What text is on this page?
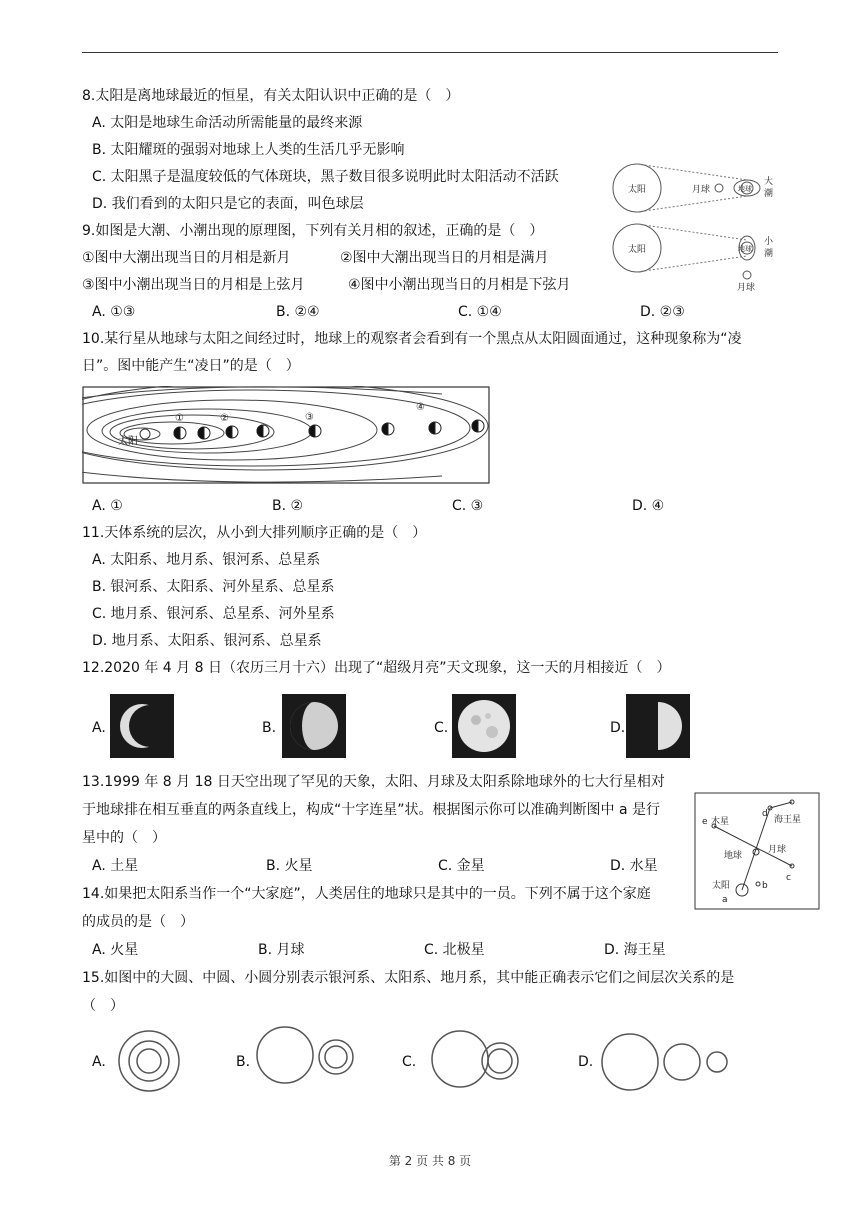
8.太阳是离地球最近的恒星，有关太阳认识中正确的是（　）
A. 太阳是地球生命活动所需能量的最终来源
B. 太阳耀斑的强弱对地球上人类的生活几乎无影响
C. 太阳黑子是温度较低的气体斑块，黑子数目很多说明此时太阳活动不活跃
D. 我们看到的太阳只是它的表面，叫色球层
太阳	月球	地球
大
潮
太阳	地球
小
潮
月球
9.如图是大潮、小潮出现的原理图，下列有关月相的叙述，正确的是（　）
①图中大潮出现当日的月相是新月	②图中大潮出现当日的月相是满月
③图中小潮出现当日的月相是上弦月	④图中小潮出现当日的月相是下弦月
A. ①③	B. ②④	C. ①④	D. ②③
10.某行星从地球与太阳之间经过时，地球上的观察者会看到有一个黑点从太阳圆面通过，这种现象称为“凌
日”。图中能产生“凌日”的是（　）
太阳
①	②	③
④
A. ①	B. ②	C. ③	D. ④
11.天体系统的层次，从小到大排列顺序正确的是（　）
A. 太阳系、地月系、银河系、总星系
B. 银河系、太阳系、河外星系、总星系
C. 地月系、银河系、总星系、河外星系
D. 地月系、太阳系、银河系、总星系
12.2020 年 4 月 8 日（农历三月十六）出现了“超级月亮”天文现象，这一天的月相接近（　）
A.	B.	C.	D.
13.1999 年 8 月 18 日天空出现了罕见的天象，太阳、月球及太阳系除地球外的七大行星相对
于地球排在相互垂直的两条直线上，构成“十字连星”状。根据图示你可以准确判断图中 a 是行
星中的（　）
A. 土星	B. 火星	C. 金星	D. 水星
d
海王星
e 木星
地球
月球
c
太阳	b
a
14.如果把太阳系当作一个“大家庭”，人类居住的地球只是其中的一员。下列不属于这个家庭
的成员的是（　）
A. 火星	B. 月球	C. 北极星	D. 海王星
15.如图中的大圆、中圆、小圆分别表示银河系、太阳系、地月系，其中能正确表示它们之间层次关系的是
（　）
A.	B.	C.	D.
第 2 页 共 8 页
